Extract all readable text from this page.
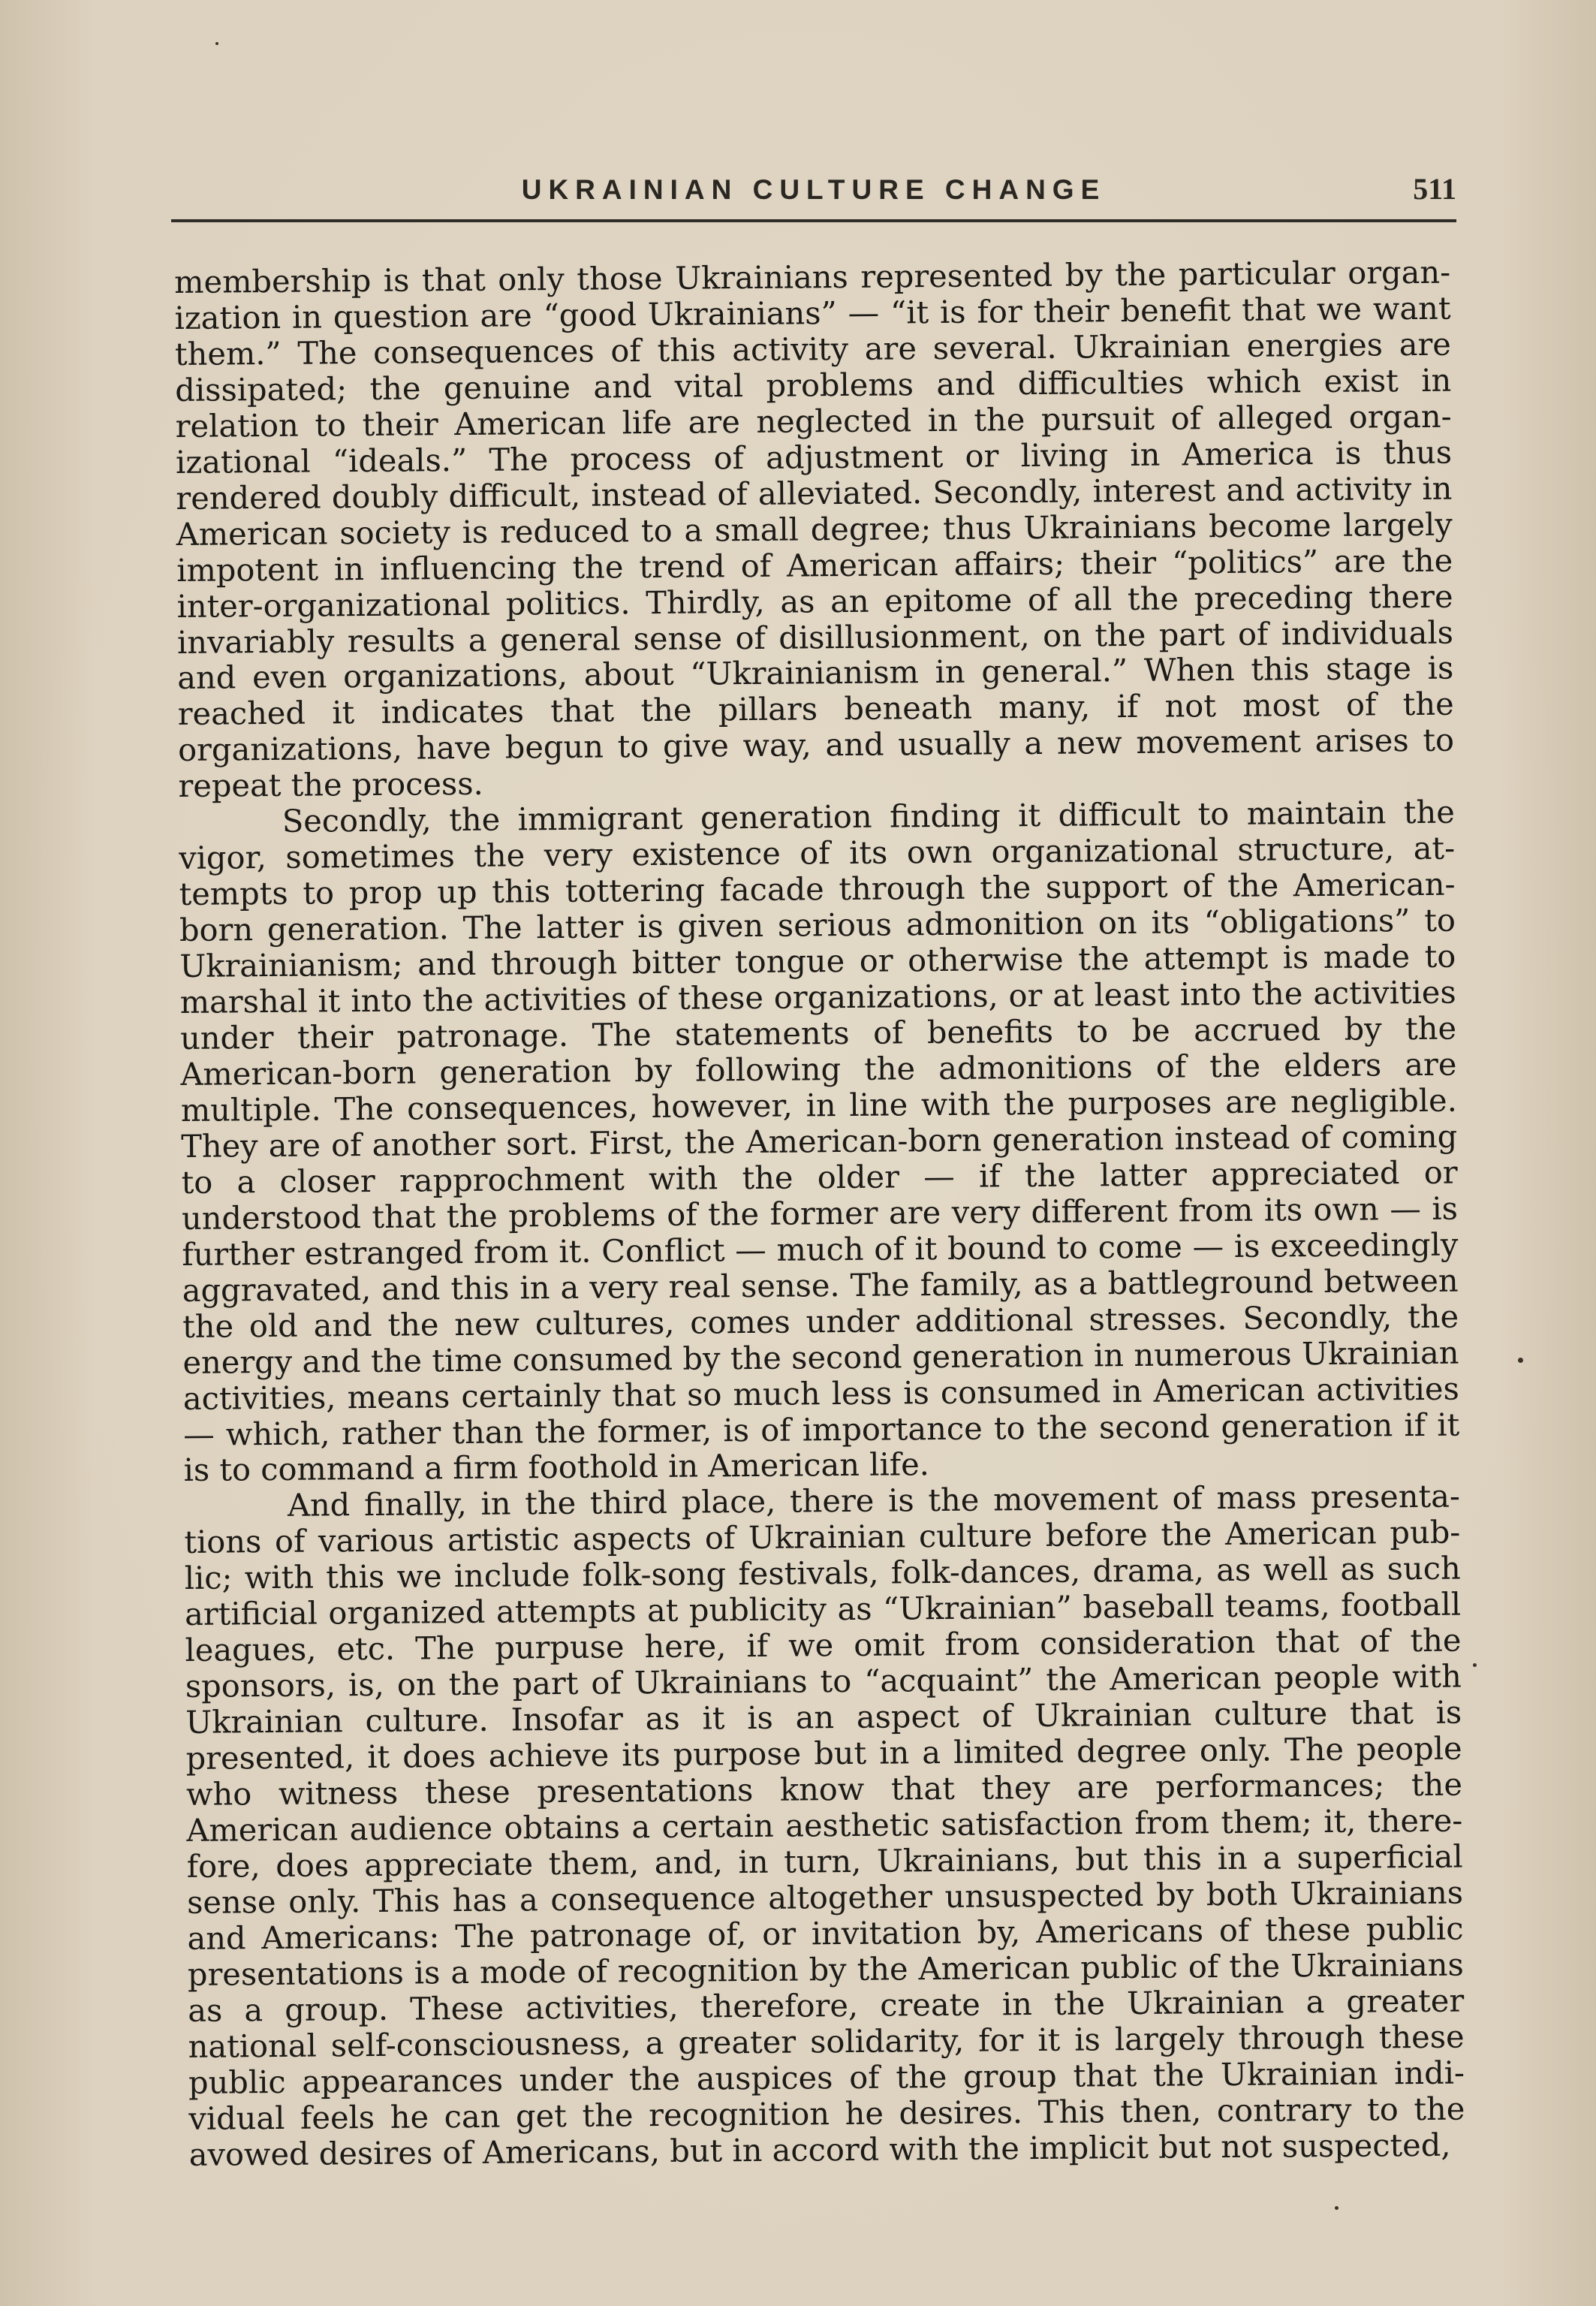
UKRAINIAN CULTURE CHANGE	511

membership is that only those Ukrainians represented by the particular organization in question are “good Ukrainians” — “it is for their benefit that we want them.” The consequences of this activity are several. Ukrainian energies are dissipated; the genuine and vital problems and difficulties which exist in relation to their American life are neglected in the pursuit of alleged organizational “ideals.” The process of adjustment or living in America is thus rendered doubly difficult, instead of alleviated. Secondly, interest and activity in American society is reduced to a small degree; thus Ukrainians become largely impotent in influencing the trend of American affairs; their “politics” are the inter-organizational politics. Thirdly, as an epitome of all the preceding there invariably results a general sense of disillusionment, on the part of individuals and even organizations, about “Ukrainianism in general.” When this stage is reached it indicates that the pillars beneath many, if not most of the organizations, have begun to give way, and usually a new movement arises to repeat the process.

Secondly, the immigrant generation finding it difficult to maintain the vigor, sometimes the very existence of its own organizational structure, attempts to prop up this tottering facade through the support of the American-born generation. The latter is given serious admonition on its “obligations” to Ukrainianism; and through bitter tongue or otherwise the attempt is made to marshal it into the activities of these organizations, or at least into the activities under their patronage. The statements of benefits to be accrued by the American-born generation by following the admonitions of the elders are multiple. The consequences, however, in line with the purposes are negligible. They are of another sort. First, the American-born generation instead of coming to a closer rapprochment with the older — if the latter appreciated or understood that the problems of the former are very different from its own — is further estranged from it. Conflict — much of it bound to come — is exceedingly aggravated, and this in a very real sense. The family, as a battleground between the old and the new cultures, comes under additional stresses. Secondly, the energy and the time consumed by the second generation in numerous Ukrainian activities, means certainly that so much less is consumed in American activities — which, rather than the former, is of importance to the second generation if it is to command a firm foothold in American life.

And finally, in the third place, there is the movement of mass presentations of various artistic aspects of Ukrainian culture before the American public; with this we include folk-song festivals, folk-dances, drama, as well as such artificial organized attempts at publicity as “Ukrainian” baseball teams, football leagues, etc. The purpuse here, if we omit from consideration that of the sponsors, is, on the part of Ukrainians to “acquaint” the American people with Ukrainian culture. Insofar as it is an aspect of Ukrainian culture that is presented, it does achieve its purpose but in a limited degree only. The people who witness these presentations know that they are performances; the American audience obtains a certain aesthetic satisfaction from them; it, therefore, does appreciate them, and, in turn, Ukrainians, but this in a superficial sense only. This has a consequence altogether unsuspected by both Ukrainians and Americans: The patronage of, or invitation by, Americans of these public presentations is a mode of recognition by the American public of the Ukrainians as a group. These activities, therefore, create in the Ukrainian a greater national self-consciousness, a greater solidarity, for it is largely through these public appearances under the auspices of the group that the Ukrainian individual feels he can get the recognition he desires. This then, contrary to the avowed desires of Americans, but in accord with the implicit but not suspected,
